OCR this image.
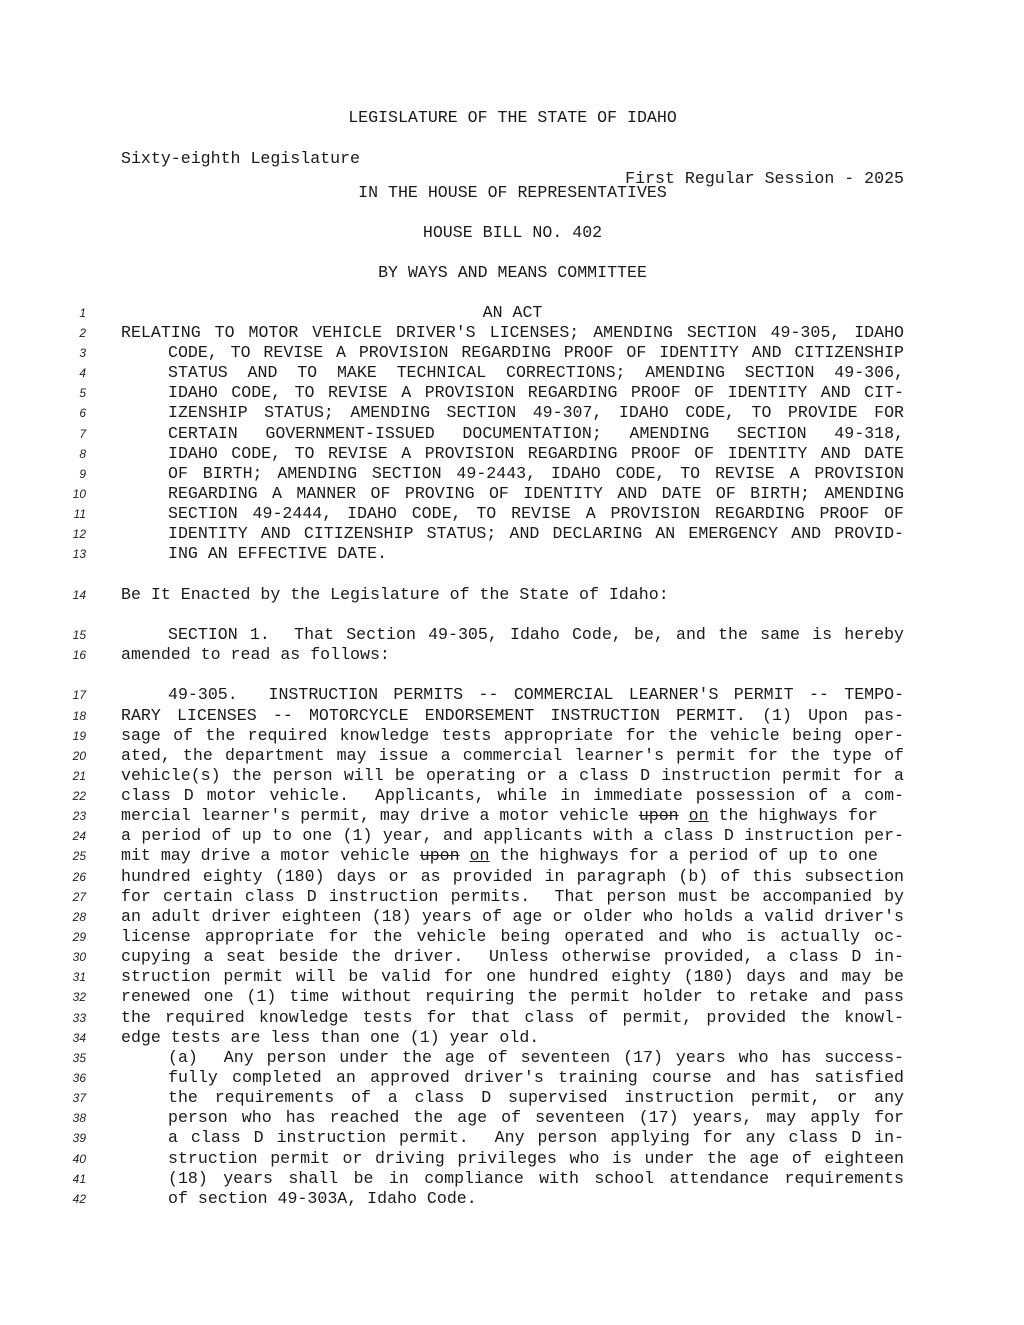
LEGISLATURE OF THE STATE OF IDAHO

Sixty-eighth Legislature

First Regular Session - 2025

IN THE HOUSE OF REPRESENTATIVES
HOUSE BILL NO. 402
BY WAYS AND MEANS COMMITTEE
1
2
3
4
5
6
7
8
9
10
11
12
13
14
15
16
17
18
19
20
21
22
23
24
25
26
27
28
29
30
31
32
33
34
35
36
37
38
39
40
41
42
AN ACT
RELATING TO MOTOR VEHICLE DRIVER'S LICENSES; AMENDING SECTION 49-305, IDAHO
CODE, TO REVISE A PROVISION REGARDING PROOF OF IDENTITY AND CITIZENSHIP
STATUS AND TO MAKE TECHNICAL CORRECTIONS; AMENDING SECTION 49-306,
IDAHO CODE, TO REVISE A PROVISION REGARDING PROOF OF IDENTITY AND CIT-
IZENSHIP STATUS; AMENDING SECTION 49-307, IDAHO CODE, TO PROVIDE FOR
CERTAIN GOVERNMENT-ISSUED DOCUMENTATION; AMENDING SECTION 49-318,
IDAHO CODE, TO REVISE A PROVISION REGARDING PROOF OF IDENTITY AND DATE
OF BIRTH; AMENDING SECTION 49-2443, IDAHO CODE, TO REVISE A PROVISION
REGARDING A MANNER OF PROVING OF IDENTITY AND DATE OF BIRTH; AMENDING
SECTION 49-2444, IDAHO CODE, TO REVISE A PROVISION REGARDING PROOF OF
IDENTITY AND CITIZENSHIP STATUS; AND DECLARING AN EMERGENCY AND PROVID-
ING AN EFFECTIVE DATE.
Be It Enacted by the Legislature of the State of Idaho:
SECTION 1.  That Section 49-305, Idaho Code, be, and the same is hereby
amended to read as follows:
49-305.  INSTRUCTION PERMITS -- COMMERCIAL LEARNER'S PERMIT -- TEMPO-
RARY LICENSES -- MOTORCYCLE ENDORSEMENT INSTRUCTION PERMIT. (1) Upon pas-
sage of the required knowledge tests appropriate for the vehicle being oper-
ated, the department may issue a commercial learner's permit for the type of
vehicle(s) the person will be operating or a class D instruction permit for a
class D motor vehicle.  Applicants, while in immediate possession of a com-
mercial learner's permit, may drive a motor vehicle upon on the highways for
a period of up to one (1) year, and applicants with a class D instruction per-
mit may drive a motor vehicle upon on the highways for a period of up to one
hundred eighty (180) days or as provided in paragraph (b) of this subsection
for certain class D instruction permits.  That person must be accompanied by
an adult driver eighteen (18) years of age or older who holds a valid driver's
license appropriate for the vehicle being operated and who is actually oc-
cupying a seat beside the driver.  Unless otherwise provided, a class D in-
struction permit will be valid for one hundred eighty (180) days and may be
renewed one (1) time without requiring the permit holder to retake and pass
the required knowledge tests for that class of permit, provided the knowl-
edge tests are less than one (1) year old.
(a)  Any person under the age of seventeen (17) years who has success-
fully completed an approved driver's training course and has satisfied
the requirements of a class D supervised instruction permit, or any
person who has reached the age of seventeen (17) years, may apply for
a class D instruction permit.  Any person applying for any class D in-
struction permit or driving privileges who is under the age of eighteen
(18) years shall be in compliance with school attendance requirements
of section 49-303A, Idaho Code.
